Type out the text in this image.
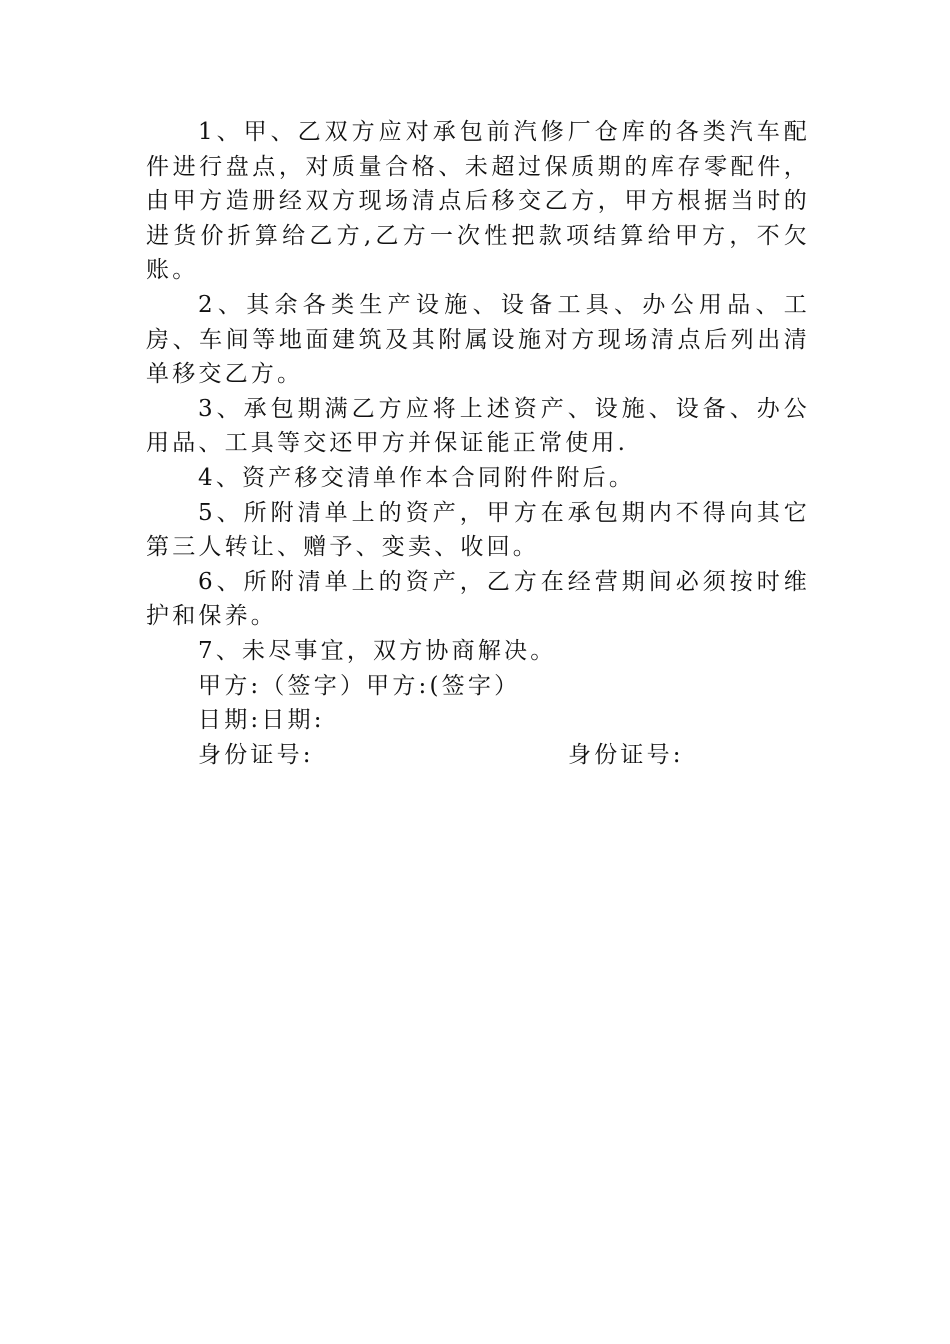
1、甲、乙双方应对承包前汽修厂仓库的各类汽车配件进行盘点，对质量合格、未超过保质期的库存零配件，由甲方造册经双方现场清点后移交乙方，甲方根据当时的进货价折算给乙方,乙方一次性把款项结算给甲方，不欠账。

2、其余各类生产设施、设备工具、办公用品、工房、车间等地面建筑及其附属设施对方现场清点后列出清单移交乙方。

3、承包期满乙方应将上述资产、设施、设备、办公用品、工具等交还甲方并保证能正常使用.

4、资产移交清单作本合同附件附后。

5、所附清单上的资产，甲方在承包期内不得向其它第三人转让、赠予、变卖、收回。

6、所附清单上的资产，乙方在经营期间必须按时维护和保养。

7、未尽事宜，双方协商解决。

甲方:（签字）甲方:(签字）

日期:日期:

身份证号:	身份证号:
